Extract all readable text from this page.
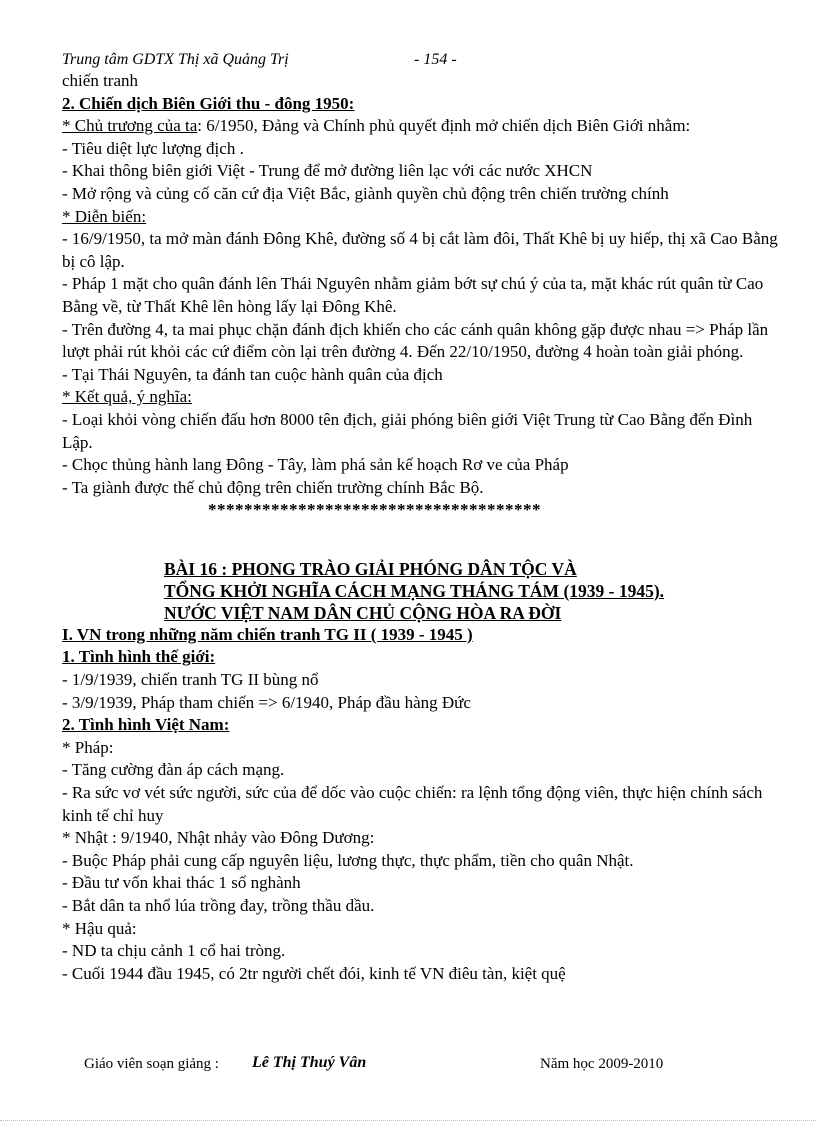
Trung tâm GDTX Thị xã Quảng Trị	- 154 -
chiến tranh
2. Chiến dịch Biên Giới thu - đông 1950:
* Chủ trương của ta: 6/1950, Đảng và Chính phủ quyết định mở chiến dịch Biên Giới nhằm:
- Tiêu diệt lực lượng địch .
- Khai thông biên giới Việt - Trung để mở đường liên lạc với các nước XHCN
- Mở rộng và củng cố căn cứ địa Việt Bắc, giành quyền chủ động trên chiến trường chính
* Diễn biến:
- 16/9/1950, ta mở màn đánh Đông Khê, đường số 4 bị cắt làm đôi, Thất Khê bị uy hiếp, thị xã Cao Bằng bị cô lập.
- Pháp 1 mặt cho quân đánh lên Thái Nguyên nhằm giảm bớt sự chú ý của ta, mặt khác rút quân từ Cao Bằng về, từ Thất Khê lên hòng lấy lại Đông Khê.
- Trên đường 4, ta mai phục chặn đánh địch khiến cho các cánh quân không gặp được nhau => Pháp lần lượt phải rút khỏi các cứ điểm còn lại trên đường 4. Đến 22/10/1950, đường 4 hoàn toàn giải phóng.
- Tại Thái Nguyên, ta đánh tan cuộc hành quân của địch
* Kết quả, ý nghĩa:
- Loại khỏi vòng chiến đấu hơn 8000 tên địch, giải phóng biên giới Việt Trung từ Cao Bằng đến Đình Lập.
- Chọc thủng hành lang Đông - Tây, làm phá sản kế hoạch Rơ ve của Pháp
- Ta giành được thế chủ động trên chiến trường chính Bắc Bộ.
*************************************
BÀI 16 : PHONG TRÀO GIẢI PHÓNG DÂN TỘC VÀ
TỔNG KHỞI NGHĨA CÁCH MẠNG THÁNG TÁM (1939 - 1945).
NƯỚC VIỆT NAM DÂN CHỦ CỘNG HÒA RA ĐỜI
I. VN trong những năm chiến tranh TG II ( 1939 - 1945 )
1. Tình hình thế giới:
- 1/9/1939, chiến tranh TG II bùng nổ
- 3/9/1939, Pháp tham chiến => 6/1940, Pháp đầu hàng Đức
2. Tình hình Việt Nam:
* Pháp:
- Tăng cường đàn áp cách mạng.
- Ra sức vơ vét sức người, sức của để dốc vào cuộc chiến: ra lệnh tổng động viên, thực hiện chính sách kinh tế chỉ huy
* Nhật : 9/1940, Nhật nhảy vào Đông Dương:
- Buộc Pháp phải cung cấp nguyên liệu, lương thực, thực phẩm, tiền cho quân Nhật.
- Đầu tư vốn khai thác 1 số nghành
- Bắt dân ta nhổ lúa trồng đay, trồng thầu dầu.
* Hậu quả:
- ND ta chịu cảnh 1 cổ hai tròng.
- Cuối 1944 đầu 1945, có 2tr người chết đói, kinh tế VN điêu tàn, kiệt quệ
Giáo viên soạn giảng : Lê Thị Thuý Vân	Năm học 2009-2010
